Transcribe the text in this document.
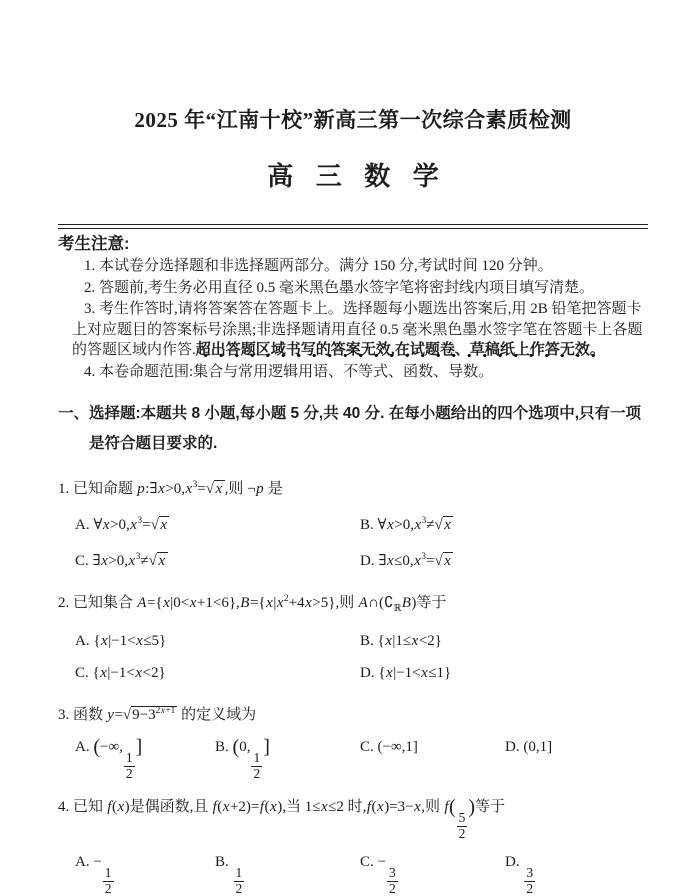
2025 年“江南十校”新高三第一次综合素质检测
高 三 数 学
考生注意:

1. 本试卷分选择题和非选择题两部分。满分 150 分,考试时间 120 分钟。

2. 答题前,考生务必用直径 0.5 毫米黑色墨水签字笔将密封线内项目填写清楚。

3. 考生作答时,请将答案答在答题卡上。选择题每小题选出答案后,用 2B 铅笔把答题卡上对应题目的答案标号涂黑;非选择题请用直径 0.5 毫米黑色墨水签字笔在答题卡上各题的答题区域内作答.超出答题区域书写的答案无效,在试题卷、草稿纸上作答无效。

4. 本卷命题范围:集合与常用逻辑用语、不等式、函数、导数。

一、选择题:本题共 8 小题,每小题 5 分,共 40 分. 在每小题给出的四个选项中,只有一项是符合题目要求的.
1. 已知命题 $p:\exists x>0,x^3=√$ x ,则 ¬p 是
A. $\forall x>0,x^3=√$ x	B. $\forall x>0,x^3\ne√$ x
C. $\exists x>0,x^3\ne√$ x	D. $\exists x\le 0,x^3=√$ x
2. 已知集合 $A=\{x|0<x+1<6\},B=\{x|x^2+4x>5\}$,则 $A\cap(∁_ℝB)$等于
A. {x|−1<x≤5}	B. {x|1≤x<2}
C. {x|−1<x<2}	D. {x|−1<x≤1}
3. 函数 $y=√9-3^{2x+1}$ 的定义域为
A. (−∞,
$\frac{1}{2}$
]	B. (0,
$\frac{1}{2}$
]	C. (−∞,1]	D. (0,1]
4. 已知 f(x)是偶函数,且 f(x+2)=f(x),当 1≤x≤2 时,f(x)=3−x,则 f(
$\frac{5}{2}$
)等于
A. −
$\frac{1}{2}$
B.
$\frac{1}{2}$
C. −
$\frac{3}{2}$
D.
$\frac{3}{2}$
